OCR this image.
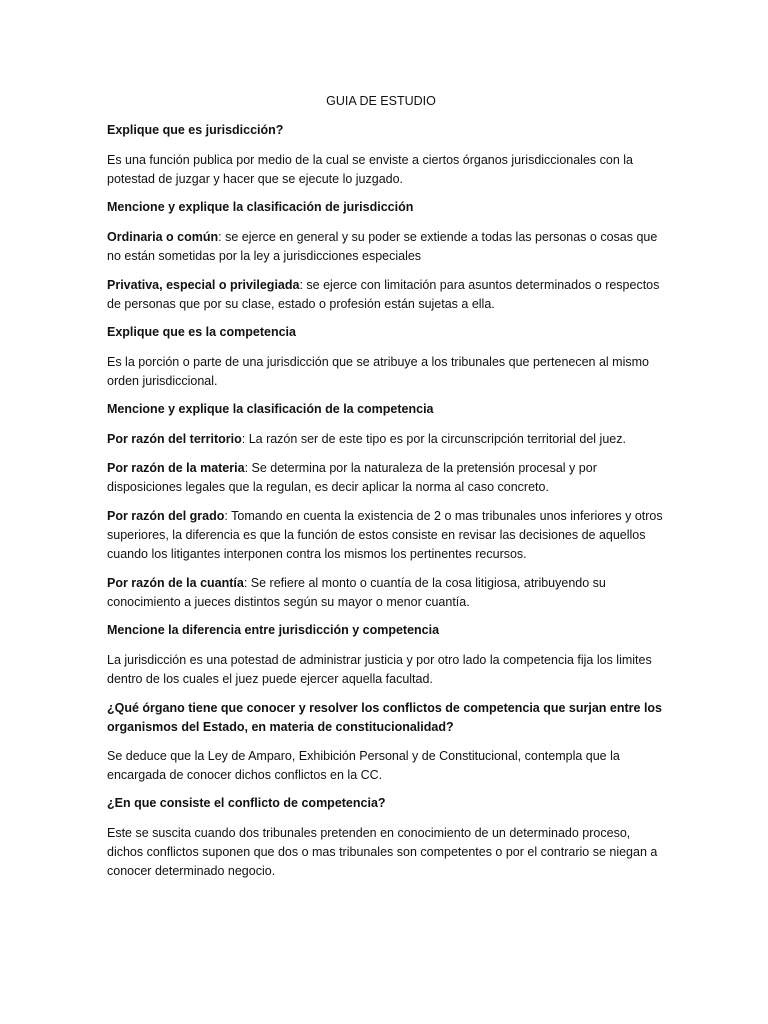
GUIA DE ESTUDIO
Explique que es jurisdicción?
Es una función publica por medio de la cual se enviste a ciertos órganos jurisdiccionales con la potestad de juzgar y hacer que se ejecute lo juzgado.
Mencione y explique la clasificación de jurisdicción
Ordinaria o común: se ejerce en general y su poder se extiende a todas las personas o cosas que no están sometidas por la ley a jurisdicciones especiales
Privativa, especial o privilegiada: se ejerce con limitación para asuntos determinados o respectos de personas que por su clase, estado o profesión están sujetas a ella.
Explique que es la competencia
Es la porción o parte de una jurisdicción que se atribuye a los tribunales que pertenecen al mismo orden jurisdiccional.
Mencione y explique la clasificación de la competencia
Por razón del territorio: La razón ser de este tipo es por la circunscripción territorial del juez.
Por razón de la materia: Se determina por la naturaleza de la pretensión procesal y por disposiciones legales que la regulan, es decir aplicar la norma al caso concreto.
Por razón del grado: Tomando en cuenta la existencia de 2 o mas tribunales unos inferiores y otros superiores, la diferencia es que la función de estos consiste en revisar las decisiones de aquellos cuando los litigantes interponen contra los mismos los pertinentes recursos.
Por razón de la cuantía: Se refiere al monto o cuantía de la cosa litigiosa, atribuyendo su conocimiento a jueces distintos según su mayor o menor cuantía.
Mencione la diferencia entre jurisdicción y competencia
La jurisdicción es una potestad de administrar justicia y por otro lado la competencia fija los limites dentro de los cuales el juez puede ejercer aquella facultad.
¿Qué órgano tiene que conocer y resolver los conflictos de competencia que surjan entre los organismos del Estado, en materia de constitucionalidad?
Se deduce que la Ley de Amparo, Exhibición Personal y de Constitucional, contempla que la encargada de conocer dichos conflictos en la CC.
¿En que consiste el conflicto de competencia?
Este se suscita cuando dos tribunales pretenden en conocimiento de un determinado proceso, dichos conflictos suponen que dos o mas tribunales son competentes o por el contrario se niegan a conocer determinado negocio.
